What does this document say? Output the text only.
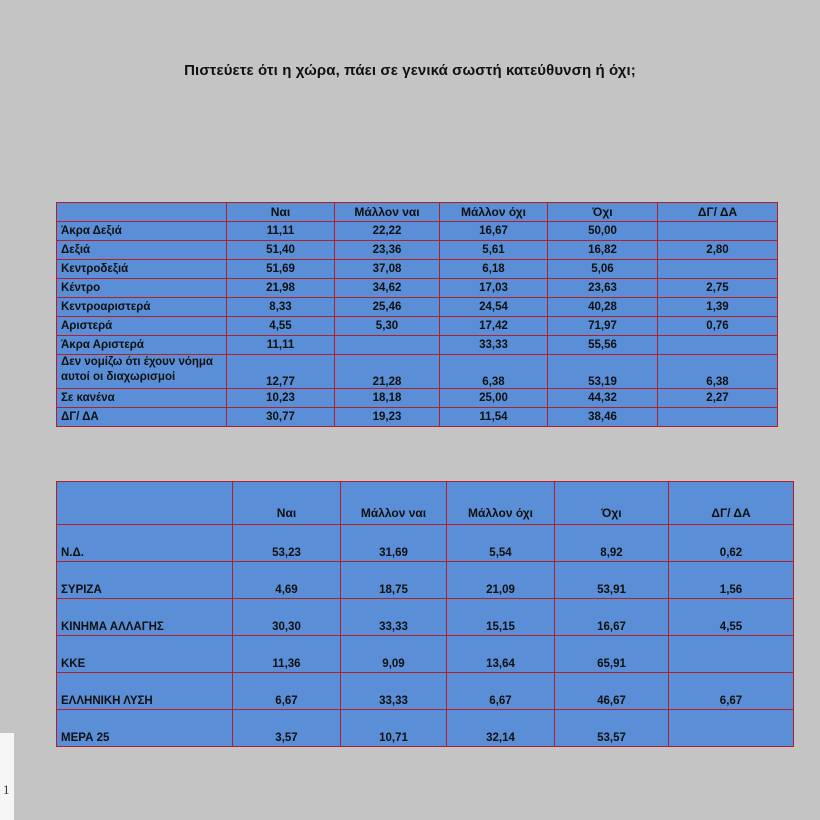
Πιστεύετε ότι η χώρα, πάει σε γενικά σωστή κατεύθυνση ή όχι;
	Ναι	Μάλλον ναι	Μάλλον όχι	Όχι	ΔΓ/ ΔΑ
Άκρα Δεξιά	11,11	22,22	16,67	50,00	
Δεξιά	51,40	23,36	5,61	16,82	2,80
Κεντροδεξιά	51,69	37,08	6,18	5,06	
Κέντρο	21,98	34,62	17,03	23,63	2,75
Κεντροαριστερά	8,33	25,46	24,54	40,28	1,39
Αριστερά	4,55	5,30	17,42	71,97	0,76
Άκρα Αριστερά	11,11		33,33	55,56	
Δεν νομίζω ότι έχουν νόημα αυτοί οι διαχωρισμοί	12,77	21,28	6,38	53,19	6,38
Σε κανένα	10,23	18,18	25,00	44,32	2,27
ΔΓ/ ΔΑ	30,77	19,23	11,54	38,46	
	Ναι	Μάλλον ναι	Μάλλον όχι	Όχι	ΔΓ/ ΔΑ
Ν.Δ.	53,23	31,69	5,54	8,92	0,62
ΣΥΡΙΖΑ	4,69	18,75	21,09	53,91	1,56
ΚΙΝΗΜΑ ΑΛΛΑΓΗΣ	30,30	33,33	15,15	16,67	4,55
ΚΚΕ	11,36	9,09	13,64	65,91	
ΕΛΛΗΝΙΚΗ ΛΥΣΗ	6,67	33,33	6,67	46,67	6,67
ΜΕΡΑ 25	3,57	10,71	32,14	53,57	
1
